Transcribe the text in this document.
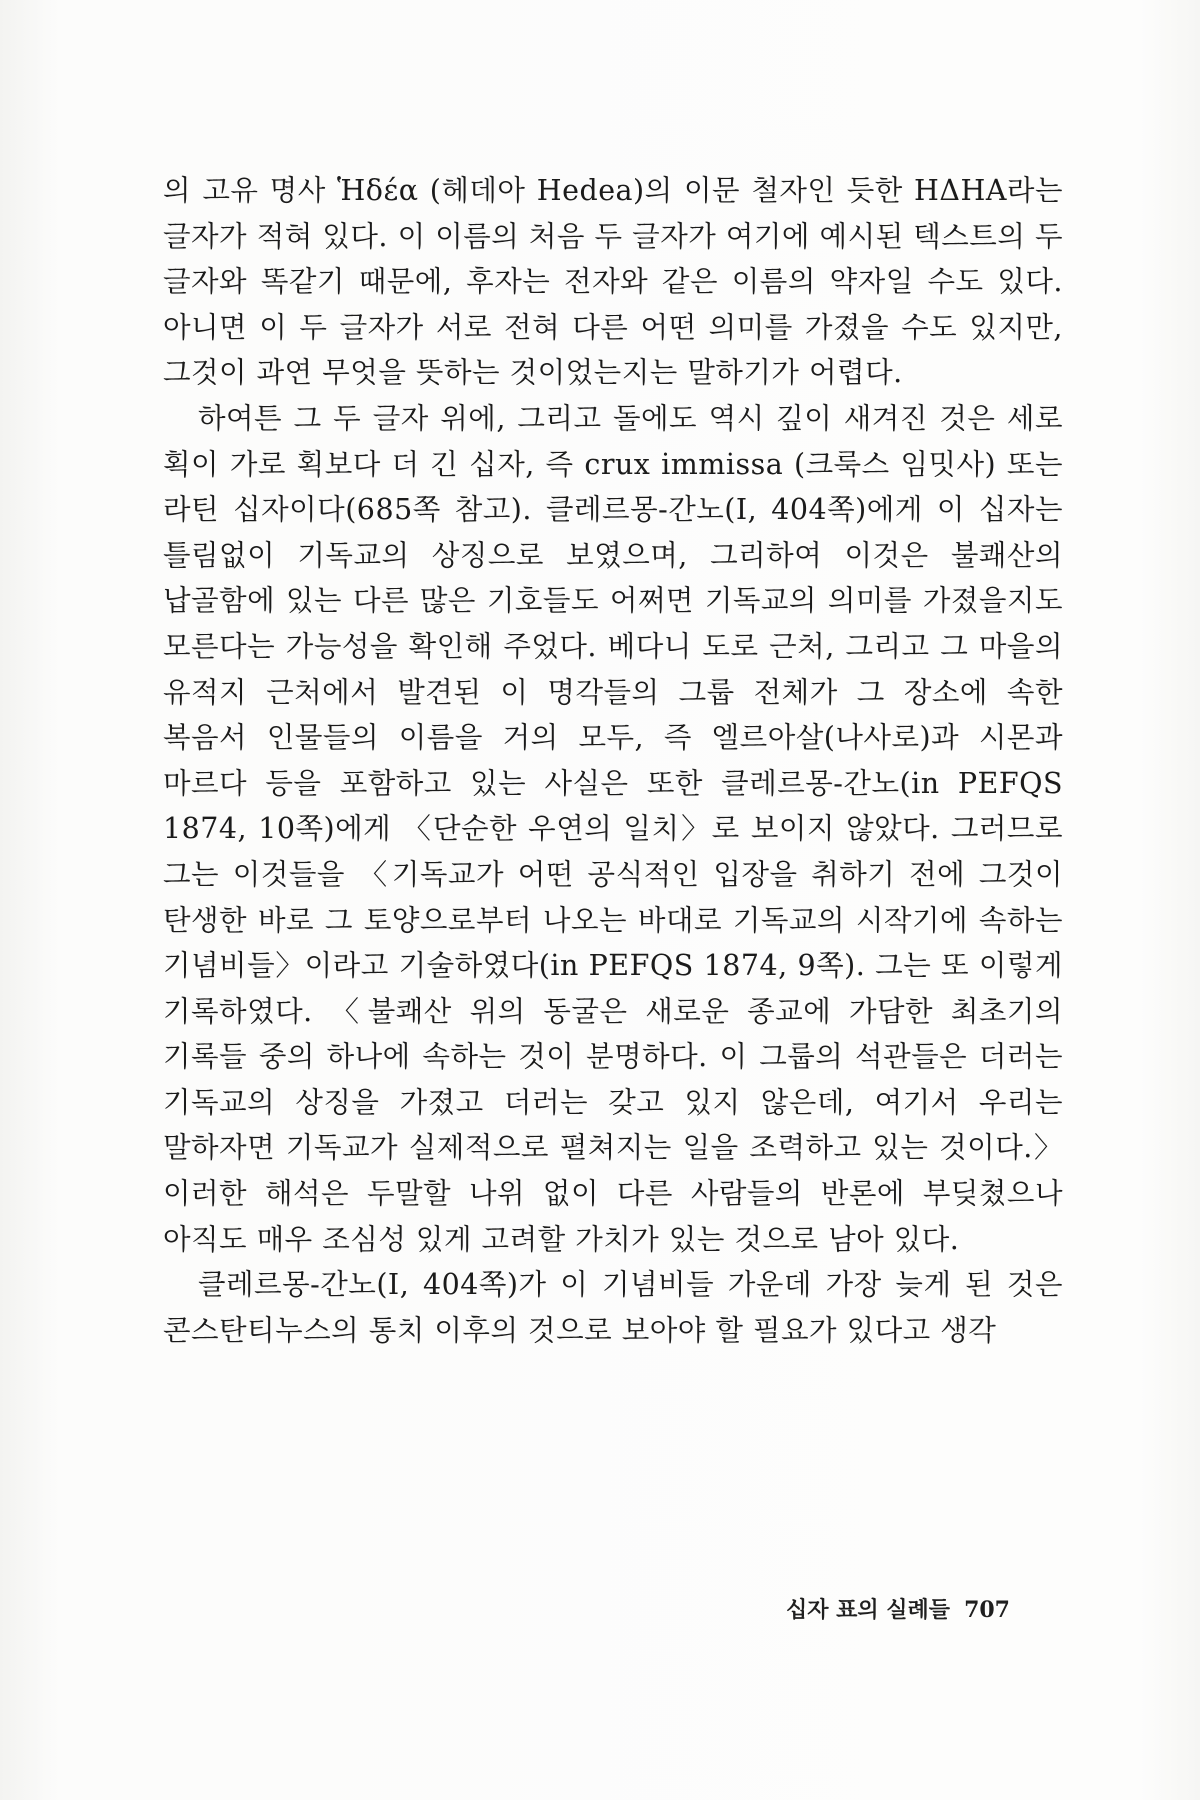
의 고유 명사 Ἡδέα (헤데아 Hedea)의 이문 철자인 듯한 HΔHA라는 글자가 적혀 있다. 이 이름의 처음 두 글자가 여기에 예시된 텍스트의 두 글자와 똑같기 때문에, 후자는 전자와 같은 이름의 약자일 수도 있다. 아니면 이 두 글자가 서로 전혀 다른 어떤 의미를 가졌을 수도 있지만, 그것이 과연 무엇을 뜻하는 것이었는지는 말하기가 어렵다.

하여튼 그 두 글자 위에, 그리고 돌에도 역시 깊이 새겨진 것은 세로 획이 가로 획보다 더 긴 십자, 즉 crux immissa (크룩스 임밋사) 또는 라틴 십자이다(685쪽 참고). 클레르몽-간노(I, 404쪽)에게 이 십자는 틀림없이 기독교의 상징으로 보였으며, 그리하여 이것은 불쾌산의 납골함에 있는 다른 많은 기호들도 어쩌면 기독교의 의미를 가졌을지도 모른다는 가능성을 확인해 주었다. 베다니 도로 근처, 그리고 그 마을의 유적지 근처에서 발견된 이 명각들의 그룹 전체가 그 장소에 속한 복음서 인물들의 이름을 거의 모두, 즉 엘르아살(나사로)과 시몬과 마르다 등을 포함하고 있는 사실은 또한 클레르몽-간노(in PEFQS 1874, 10쪽)에게 〈단순한 우연의 일치〉로 보이지 않았다. 그러므로 그는 이것들을 〈기독교가 어떤 공식적인 입장을 취하기 전에 그것이 탄생한 바로 그 토양으로부터 나오는 바대로 기독교의 시작기에 속하는 기념비들〉이라고 기술하였다(in PEFQS 1874, 9쪽). 그는 또 이렇게 기록하였다. 〈불쾌산 위의 동굴은 새로운 종교에 가담한 최초기의 기록들 중의 하나에 속하는 것이 분명하다. 이 그룹의 석관들은 더러는 기독교의 상징을 가졌고 더러는 갖고 있지 않은데, 여기서 우리는 말하자면 기독교가 실제적으로 펼쳐지는 일을 조력하고 있는 것이다.〉 이러한 해석은 두말할 나위 없이 다른 사람들의 반론에 부딪쳤으나 아직도 매우 조심성 있게 고려할 가치가 있는 것으로 남아 있다.

클레르몽-간노(I, 404쪽)가 이 기념비들 가운데 가장 늦게 된 것은 콘스탄티누스의 통치 이후의 것으로 보아야 할 필요가 있다고 생각

십자 표의 실례들 707
